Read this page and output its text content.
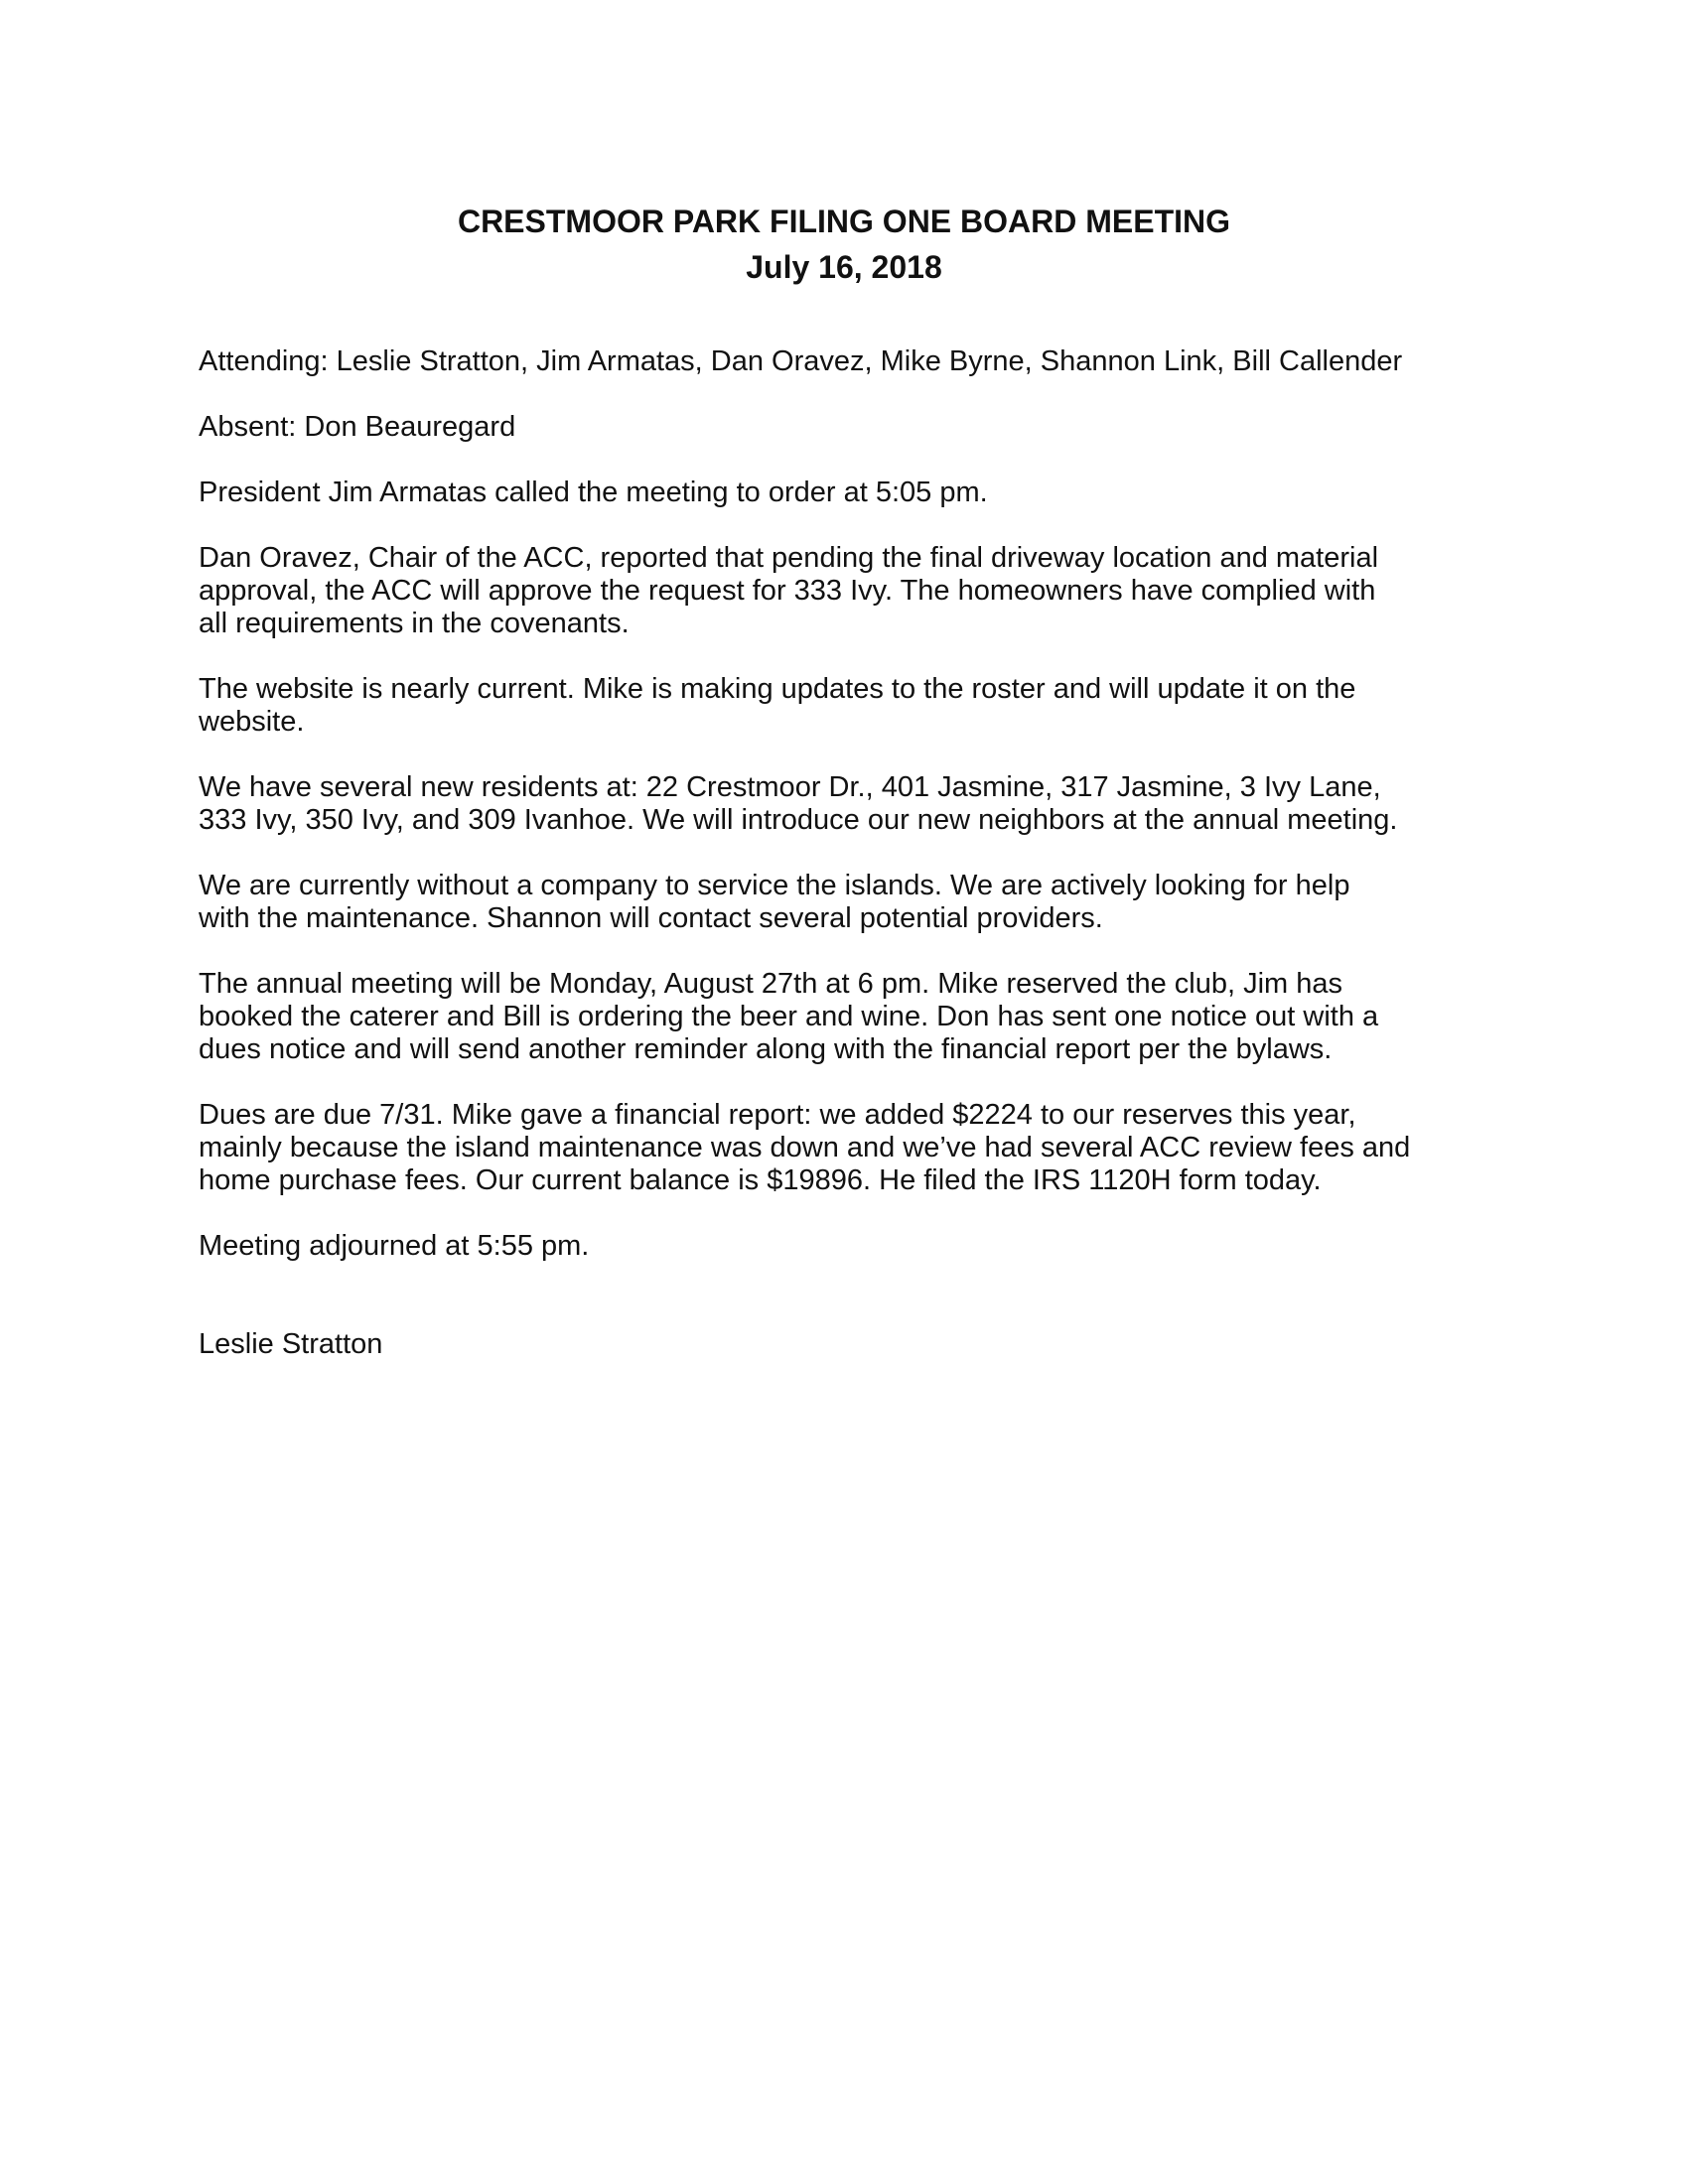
CRESTMOOR PARK FILING ONE BOARD MEETING
July 16, 2018

Attending: Leslie Stratton, Jim Armatas, Dan Oravez, Mike Byrne, Shannon Link, Bill Callender

Absent: Don Beauregard

President Jim Armatas called the meeting to order at 5:05 pm.

Dan Oravez, Chair of the ACC, reported that pending the final driveway location and material
approval, the ACC will approve the request for 333 Ivy. The homeowners have complied with
all requirements in the covenants.

The website is nearly current. Mike is making updates to the roster and will update it on the
website.

We have several new residents at: 22 Crestmoor Dr., 401 Jasmine, 317 Jasmine, 3 Ivy Lane,
333 Ivy, 350 Ivy, and 309 Ivanhoe. We will introduce our new neighbors at the annual meeting.

We are currently without a company to service the islands. We are actively looking for help
with the maintenance. Shannon will contact several potential providers.

The annual meeting will be Monday, August 27th at 6 pm. Mike reserved the club, Jim has
booked the caterer and Bill is ordering the beer and wine. Don has sent one notice out with a
dues notice and will send another reminder along with the financial report per the bylaws.

Dues are due 7/31. Mike gave a financial report: we added $2224 to our reserves this year,
mainly because the island maintenance was down and we’ve had several ACC review fees and
home purchase fees. Our current balance is $19896. He filed the IRS 1120H form today.

Meeting adjourned at 5:55 pm.

Leslie Stratton
